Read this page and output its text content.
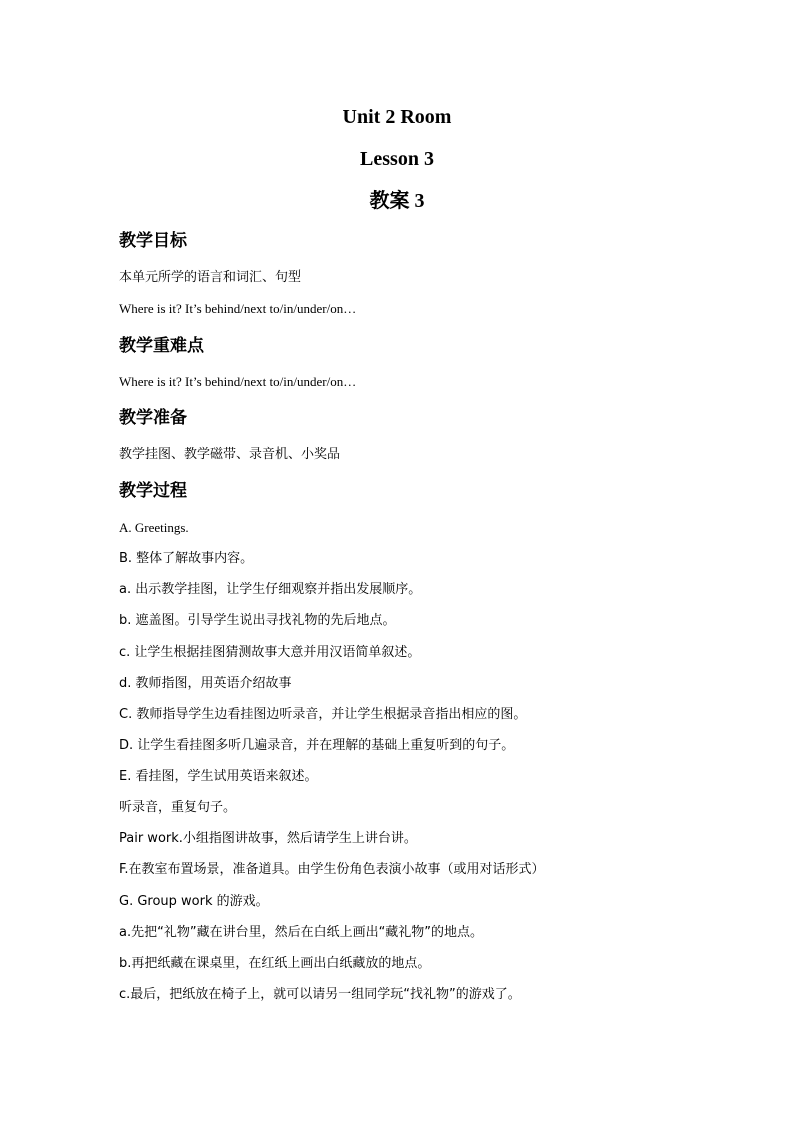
Unit 2 Room
Lesson 3
教案 3
教学目标

本单元所学的语言和词汇、句型

Where is it? It’s behind/next to/in/under/on…

教学重难点

Where is it? It’s behind/next to/in/under/on…

教学准备

教学挂图、教学磁带、录音机、小奖品

教学过程

A. Greetings.

B. 整体了解故事内容。

a. 出示教学挂图，让学生仔细观察并指出发展顺序。

b. 遮盖图。引导学生说出寻找礼物的先后地点。

c. 让学生根据挂图猜测故事大意并用汉语简单叙述。

d. 教师指图，用英语介绍故事

C. 教师指导学生边看挂图边听录音，并让学生根据录音指出相应的图。

D. 让学生看挂图多听几遍录音，并在理解的基础上重复听到的句子。

E. 看挂图，学生试用英语来叙述。

听录音，重复句子。

Pair work.小组指图讲故事，然后请学生上讲台讲。

F.在教室布置场景，准备道具。由学生份角色表演小故事（或用对话形式）

G. Group work 的游戏。

a.先把“礼物”藏在讲台里，然后在白纸上画出“藏礼物”的地点。

b.再把纸藏在课桌里，在红纸上画出白纸藏放的地点。

c.最后，把纸放在椅子上，就可以请另一组同学玩“找礼物”的游戏了。
